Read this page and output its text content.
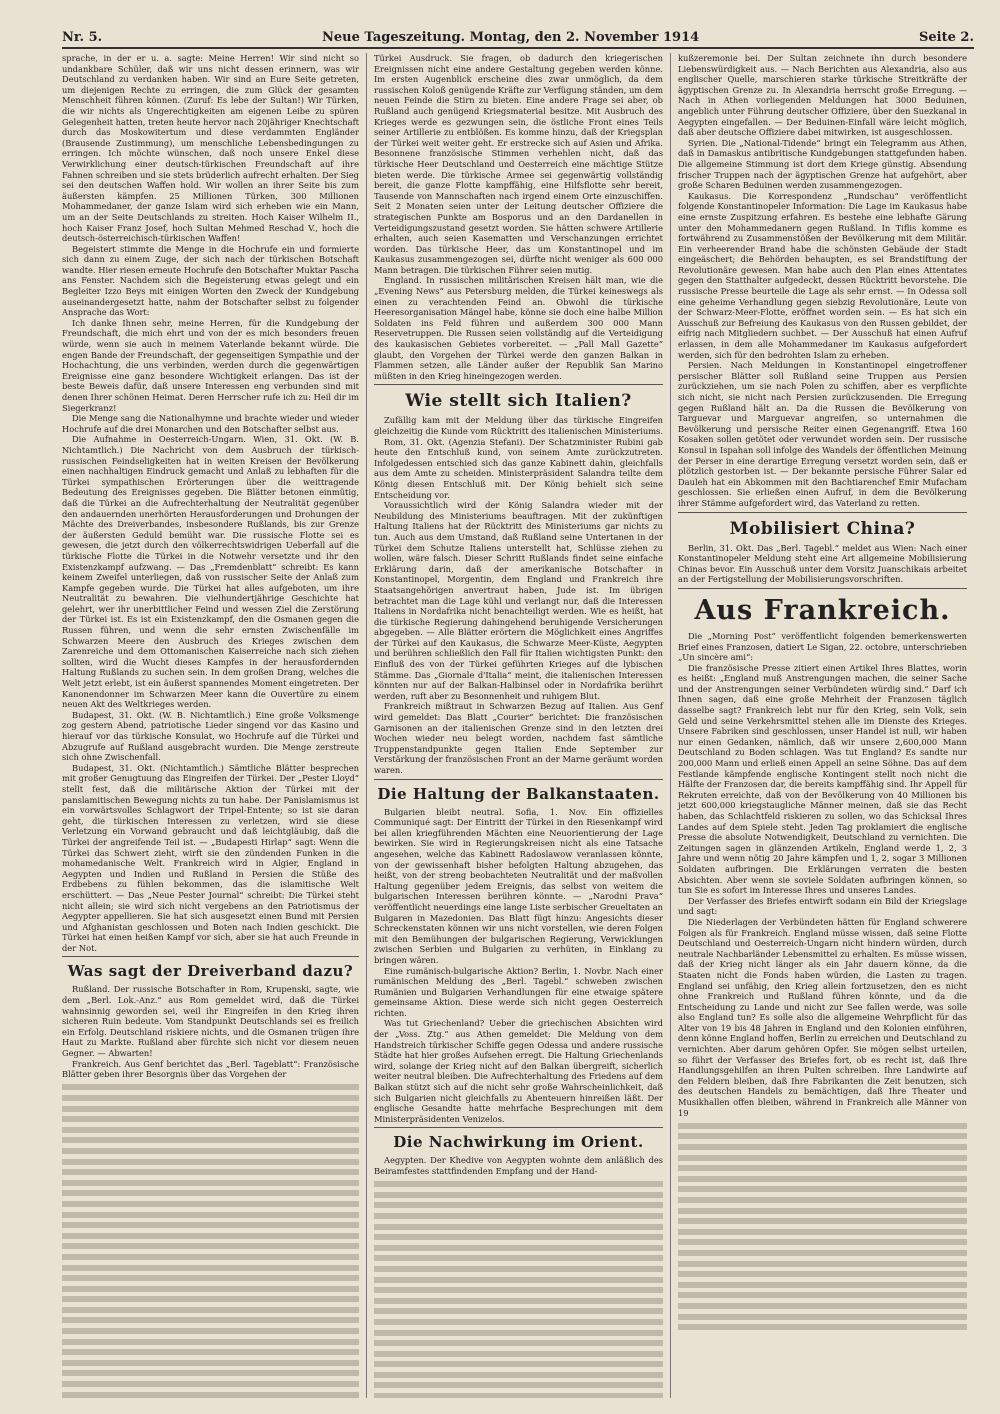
Nr. 5.	Neue Tageszeitung. Montag, den 2. November 1914	Seite 2.

sprache, in der er u. a. sagte: Meine Herren! Wir sind nicht so undankbare Schüler, daß wir uns nicht dessen erinnern, was wir Deutschland zu verdanken haben. Wir sind an Eure Seite getreten, um diejenigen Rechte zu erringen, die zum Glück der gesamten Menschheit führen können. (Zuruf: Es lebe der Sultan!) Wir Türken, die wir nichts als Ungerechtigkeiten am eigenen Leibe zu spüren Gelegenheit hatten, treten heute hervor nach 20jähriger Knechtschaft durch das Moskowitertum und diese verdammten Engländer (Brausende Zustimmung), um menschliche Lebensbedingungen zu erringen. Ich möchte wünschen, daß noch unsere Enkel diese Verwirklichung einer deutsch-türkischen Freundschaft auf ihre Fahnen schreiben und sie stets brüderlich aufrecht erhalten. Der Sieg sei den deutschen Waffen hold. Wir wollen an ihrer Seite bis zum äußersten kämpfen. 25 Millionen Türken, 300 Millionen Mohammedaner, der ganze Islam wird sich erheben wie ein Mann, um an der Seite Deutschlands zu streiten. Hoch Kaiser Wilhelm II., hoch Kaiser Franz Josef, hoch Sultan Mehmed Reschad V., hoch die deutsch-österreichisch-türkischen Waffen!

Begeistert stimmte die Menge in die Hochrufe ein und formierte sich dann zu einem Zuge, der sich nach der türkischen Botschaft wandte. Hier riesen erneute Hochrufe den Botschafter Muktar Pascha ans Fenster. Nachdem sich die Begeisterung etwas gelegt und ein Begleiter Izzo Beys mit einigen Worten den Zweck der Kundgebung auseinandergesetzt hatte, nahm der Botschafter selbst zu folgender Ansprache das Wort:

Ich danke Ihnen sehr, meine Herren, für die Kundgebung der Freundschaft, die mich ehrt und von der es mich besonders freuen würde, wenn sie auch in meinem Vaterlande bekannt würde. Die engen Bande der Freundschaft, der gegenseitigen Sympathie und der Hochachtung, die uns verbinden, werden durch die gegenwärtigen Ereignisse eine ganz besondere Wichtigkeit erlangen. Das ist der beste Beweis dafür, daß unsere Interessen eng verbunden sind mit denen Ihrer schönen Heimat. Deren Herrscher rufe ich zu: Heil dir im Siegerkranz!

Die Menge sang die Nationalhymne und brachte wieder und wieder Hochrufe auf die drei Monarchen und den Botschafter selbst aus.

Die Aufnahme in Oesterreich-Ungarn. Wien, 31. Okt. (W. B. Nichtamtlich.) Die Nachricht von dem Ausbruch der türkisch-russischen Feindseligkeiten hat in weiten Kreisen der Bevölkerung einen nachhaltigen Eindruck gemacht und Anlaß zu lebhaften für die Türkei sympathischen Erörterungen über die weittragende Bedeutung des Ereignisses gegeben. Die Blätter betonen einmütig, daß die Türkei an die Aufrechterhaltung der Neutralität gegenüber den andauernden unerhörten Herausforderungen und Drohungen der Mächte des Dreiverbandes, insbesondere Rußlands, bis zur Grenze der äußersten Geduld bemüht war. Die russische Flotte sei es gewesen, die jetzt durch den völkerrechtswidrigen Ueberfall auf die türkische Flotte die Türkei in die Notwehr versetzte und ihr den Existenzkampf aufzwang. — Das „Fremdenblatt“ schreibt: Es kann keinem Zweifel unterliegen, daß von russischer Seite der Anlaß zum Kampfe gegeben wurde. Die Türkei hat alles aufgeboten, um ihre Neutralität zu bewahren. Die vielhundertjährige Geschichte hat gelehrt, wer ihr unerbittlicher Feind und wessen Ziel die Zerstörung der Türkei ist. Es ist ein Existenzkampf, den die Osmanen gegen die Russen führen, und wenn die sehr ernsten Zwischenfälle im Schwarzen Meere den Ausbruch des Krieges zwischen dem Zarenreiche und dem Ottomanischen Kaiserreiche nach sich ziehen sollten, wird die Wucht dieses Kampfes in der herausfordernden Haltung Rußlands zu suchen sein. In dem großen Drang, welches die Welt jetzt erlebt, ist ein äußerst spannendes Moment eingetreten. Der Kanonendonner im Schwarzen Meer kann die Ouvertüre zu einem neuen Akt des Weltkrieges werden.

Budapest, 31. Okt. (W. B. Nichtamtlich.) Eine große Volksmenge zog gestern Abend, patriotische Lieder singend vor das Kasino und hierauf vor das türkische Konsulat, wo Hochrufe auf die Türkei und Abzugrufe auf Rußland ausgebracht wurden. Die Menge zerstreute sich ohne Zwischenfall.

Budapest, 31. Okt. (Nichtamtlich.) Sämtliche Blätter besprechen mit großer Genugtuung das Eingreifen der Türkei. Der „Pester Lloyd“ stellt fest, daß die militärische Aktion der Türkei mit der panslamitischen Bewegung nichts zu tun habe. Der Panislamismus ist ein vorwärtsvolles Schlagwort der Tripel-Entente; so ist sie daran geht, die türkischen Interessen zu verletzen, wird sie diese Verletzung ein Vorwand gebraucht und daß leichtgläubig, daß die Türkei der angreifende Teil ist. — „Budapesti Hirlap“ sagt: Wenn die Türkei das Schwert zieht, wirft sie den zündenden Funken in die mohamedanische Welt. Frankreich wird in Algier, England in Aegypten und Indien und Rußland in Persien die Stüße des Erdbebens zu fühlen bekommen, das die islamitische Welt erschüttert. — Das „Neue Pester Journal“ schreibt: Die Türkei steht nicht allein; sie wird sich nicht vergebens an den Patriotismus der Aegypter appellieren. Sie hat sich ausgesetzt einen Bund mit Persien und Afghanistan geschlossen und Boten nach Indien geschickt. Die Türkei hat einen heißen Kampf vor sich, aber sie hat auch Freunde in der Not.

Was sagt der Dreiverband dazu?

Rußland. Der russische Botschafter in Rom, Krupenski, sagte, wie dem „Berl. Lok.-Anz.“ aus Rom gemeldet wird, daß die Türkei wahnsinnig geworden sei, weil ihr Eingreifen in den Krieg ihren sicheren Ruin bedeute. Vom Standpunkt Deutschlands sei es freilich ein Erfolg. Deutschland riskiere nichts, und die Osmanen trügen ihre Haut zu Markte. Rußland aber fürchte sich nicht vor diesem neuen Gegner. — Abwarten!

Frankreich. Aus Genf berichtet das „Berl. Tageblatt“: Französische Blätter geben ihrer Besorgnis über das Vorgehen der

Türkei Ausdruck. Sie fragen, ob dadurch den kriegerischen Ereignissen nicht eine andere Gestaltung gegeben werden könne. Im ersten Augenblick erscheine dies zwar unmöglich, da dem russischen Koloß genügende Kräfte zur Verfügung ständen, um dem neuen Feinde die Stirn zu bieten. Eine andere Frage sei aber, ob Rußland auch genügend Kriegsmaterial besitze. Mit Ausbruch des Krieges werde es gezwungen sein, die östliche Front eines Teils seiner Artillerie zu entblößen. Es komme hinzu, daß der Kriegsplan der Türkei weit weiter geht. Er erstrecke sich auf Asien und Afrika. Besonnene französische Stimmen verhehlen nicht, daß das türkische Heer Deutschland und Oesterreich eine mächtige Stütze bieten werde. Die türkische Armee sei gegenwärtig vollständig bereit, die ganze Flotte kampffähig, eine Hilfsflotte sehr bereit, Tausende von Mannschaften nach irgend einem Orte einzuschiffen. Seit 2 Monaten seien unter der Leitung deutscher Offiziere die strategischen Punkte am Bosporus und an den Dardanellen in Verteidigungszustand gesetzt worden. Sie hätten schwere Artillerie erhalten, auch seien Kasematten und Verschanzungen errichtet worden. Das türkische Heer, das um Konstantinopel und im Kaukasus zusammengezogen sei, dürfte nicht weniger als 600 000 Mann betragen. Die türkischen Führer seien mutig.

England. In russischen militärischen Kreisen hält man, wie die „Evening News“ aus Petersburg melden, die Türkei keineswegs als einen zu verachtenden Feind an. Obwohl die türkische Heeresorganisation Mängel habe, könne sie doch eine halbe Million Soldaten ins Feld führen und außerdem 300 000 Mann Reservetruppen. Die Russen seien vollständig auf die Verteidigung des kaukasischen Gebietes vorbereitet. — „Pall Mall Gazette“ glaubt, den Vorgehen der Türkei werde den ganzen Balkan in Flammen setzen, alle Länder außer der Republik San Marino müßten in den Krieg hineingezogen werden.

Wie stellt sich Italien?

Zufällig kam mit der Meldung über das türkische Eingreifen gleichzeitig die Kunde vom Rücktritt des italienischen Ministeriums.

Rom, 31. Okt. (Agenzia Stefani). Der Schatzminister Rubini gab heute den Entschluß kund, von seinem Amte zurückzutreten. Infolgedessen entschied sich das ganze Kabinett dahin, gleichfalls aus dem Amte zu scheiden. Ministerpräsident Salandra teilte dem König diesen Entschluß mit. Der König behielt sich seine Entscheidung vor.

Voraussichtlich wird der König Salandra wieder mit der Neubildung des Ministeriums beauftragen. Mit der zukünftigen Haltung Italiens hat der Rücktritt des Ministeriums gar nichts zu tun. Auch aus dem Umstand, daß Rußland seine Untertanen in der Türkei dem Schutze Italiens unterstellt hat, Schlüsse ziehen zu wollen, wäre falsch. Dieser Schritt Rußlands findet seine einfache Erklärung darin, daß der amerikanische Botschafter in Konstantinopel, Morgentin, dem England und Frankreich ihre Staatsangehörigen anvertraut haben, Jude ist. Im übrigen betrachtet man die Lage kühl und verlangt nur, daß die Interessen Italiens in Nordafrika nicht benachteiligt werden. Wie es heißt, hat die türkische Regierung dahingehend beruhigende Versicherungen abgegeben. — Alle Blätter erörtern die Möglichkeit eines Angriffes der Türkei auf den Kaukasus, die Schwarze Meer-Küste, Aegypten und berühren schließlich den Fall für Italien wichtigsten Punkt: den Einfluß des von der Türkei geführten Krieges auf die lybischen Stämme. Das „Giornale d'Italia“ meint, die italienischen Interessen könnten nur auf der Balkan-Halbinsel oder in Nordafrika berührt werden, ruft aber zu Besonnenheit und ruhigem Blut.

Frankreich mißtraut in Schwarzen Bezug auf Italien. Aus Genf wird gemeldet: Das Blatt „Courier“ berichtet: Die französischen Garnisonen an der italienischen Grenze sind in den letzten drei Wochen wieder neu belegt worden, nachdem fast sämtliche Truppenstandpunkte gegen Italien Ende September zur Verstärkung der französischen Front an der Marne geräumt worden waren.

Die Haltung der Balkanstaaten.

Bulgarien bleibt neutral. Sofia, 1. Nov. Ein offizielles Communiqué sagt: Der Eintritt der Türkei in den Riesenkampf wird bei allen kriegführenden Mächten eine Neuorientierung der Lage bewirken. Sie wird in Regierungskreisen nicht als eine Tatsache angesehen, welche das Kabinett Radoslawow veranlassen könnte, von der gewissenhaft bisher befolgten Haltung abzugehen, das heißt, von der streng beobachteten Neutralität und der maßvollen Haltung gegenüber jedem Ereignis, das selbst von weitem die bulgarischen Interessen berühren könnte. — „Narodni Prava“ veröffentlicht neuerdings eine lange Liste serbischer Greueltaten an Bulgaren in Mazedonien. Das Blatt fügt hinzu: Angesichts dieser Schreckenstaten können wir uns nicht vorstellen, wie deren Folgen mit den Bemühungen der bulgarischen Regierung, Verwicklungen zwischen Serbien und Bulgarien zu verhüten, in Einklang zu bringen wären.

Eine rumänisch-bulgarische Aktion? Berlin, 1. Novbr. Nach einer rumänischen Meldung des „Berl. Tagebl.“ schweben zwischen Rumänien und Bulgarien Verhandlungen für eine etwaige spätere gemeinsame Aktion. Diese werde sich nicht gegen Oesterreich richten.

Was tut Griechenland? Ueber die griechischen Absichten wird der „Voss. Ztg.“ aus Athen gemeldet: Die Meldung von dem Handstreich türkischer Schiffe gegen Odessa und andere russische Städte hat hier großes Aufsehen erregt. Die Haltung Griechenlands wird, solange der Krieg nicht auf den Balkan übergreift, sicherlich weiter neutral bleiben. Die Aufrechterhaltung des Friedens auf dem Balkan stützt sich auf die nicht sehr große Wahrscheinlichkeit, daß sich Bulgarien nicht gleichfalls zu Abenteuern hinreißen läßt. Der englische Gesandte hatte mehrfache Besprechungen mit dem Ministerpräsidenten Venizelos.

Die Nachwirkung im Orient.

Aegypten. Der Khedive von Aegypten wohnte dem anläßlich des Beiramfestes stattfindenden Empfang und der Hand-

kußzeremonie bei. Der Sultan zeichnete ihn durch besondere Liebenswürdigkeit aus. — Nach Berichten aus Alexandria, also aus englischer Quelle, marschieren starke türkische Streitkräfte der ägyptischen Grenze zu. In Alexandria herrscht große Erregung. — Nach in Athen vorliegenden Meldungen hat 3000 Beduinen, angeblich unter Führung deutscher Offiziere, über den Suezkanal in Aegypten eingefallen. — Der Beduinen-Einfall wäre leicht möglich, daß aber deutsche Offiziere dabei mitwirken, ist ausgeschlossen.

Syrien. Die „National-Tidende“ bringt ein Telegramm aus Athen, daß in Damaskus antibritische Kundgebungen stattgefunden haben. Die allgemeine Stimmung ist dort dem Kriege günstig. Absendung frischer Truppen nach der ägyptischen Grenze hat aufgehört, aber große Scharen Beduinen werden zusammengezogen.

Kaukasus. Die Korrespondenz „Rundschau“ veröffentlicht folgende Konstantinopeler Information: Die Lage im Kaukasus habe eine ernste Zuspitzung erfahren. Es bestehe eine lebhafte Gärung unter den Mohammedanern gegen Rußland. In Tiflis komme es fortwährend zu Zusammenstößen der Bevölkerung mit dem Militär. Ein verheerender Brand habe die schönsten Gebäude der Stadt eingeäschert; die Behörden behaupten, es sei Brandstiftung der Revolutionäre gewesen. Man habe auch den Plan eines Attentates gegen den Statthalter aufgedeckt, dessen Rücktritt bevorstehe. Die russische Presse beurteile die Lage als sehr ernst. — In Odessa soll eine geheime Verhandlung gegen siebzig Revolutionäre, Leute von der Schwarz-Meer-Flotte, eröffnet worden sein. — Es hat sich ein Ausschuß zur Befreiung des Kaukasus von den Russen gebildet, der eifrig nach Mitgliedern suchbet. — Der Ausschuß hat einen Aufruf erlassen, in dem alle Mohammedaner im Kaukasus aufgefordert werden, sich für den bedrohten Islam zu erheben.

Persien. Nach Meldungen in Konstantinopel eingetroffener persischer Blätter soll Rußland seine Truppen aus Persien zurückziehen, um sie nach Polen zu schiffen, aber es verpflichte sich nicht, sie nicht nach Persien zurückzusenden. Die Erregung gegen Rußland hält an. Da die Russen die Bevölkerung von Targuevar und Marguevar angreifen, so unternahmen die Bevölkerung und persische Reiter einen Gegenangriff. Etwa 160 Kosaken sollen getötet oder verwundet worden sein. Der russische Konsul in Ispahan soll infolge des Wandels der öffentlichen Meinung der Perser in eine derartige Erregung versetzt worden sein, daß er plötzlich gestorben ist. — Der bekannte persische Führer Salar ed Dauleh hat ein Abkommen mit den Bachtiarenchef Emir Mufacham geschlossen. Sie erließen einen Aufruf, in dem die Bevölkerung ihrer Stämme aufgefordert wird, das Vaterland zu retten.

Mobilisiert China?

Berlin, 31. Okt. Das „Berl. Tagebl.“ meldet aus Wien: Nach einer Konstantinopeler Meldung steht eine Art allgemeine Mobilisierung Chinas bevor. Ein Ausschuß unter dem Vorsitz Juanschikais arbeitet an der Fertigstellung der Mobilisierungsvorschriften.

Aus Frankreich.

Die „Morning Post“ veröffentlicht folgenden bemerkenswerten Brief eines Franzosen, datiert Le Sigan, 22. octobre, unterschrieben „Un sincère ami“:

Die französische Presse zitiert einen Artikel Ihres Blattes, worin es heißt: „England muß Anstrengungen machen, die seiner Sache und der Anstrengungen seiner Verbündeten würdig sind.“ Darf ich Ihnen sagen, daß eine große Mehrheit der Franzosen täglich dasselbe sagt? Frankreich lebt nur für den Krieg, sein Volk, sein Geld und seine Verkehrsmittel stehen alle im Dienste des Krieges. Unsere Fabriken sind geschlossen, unser Handel ist null, wir haben nur einen Gedanken, nämlich, daß wir unsere 2,600,000 Mann Deutschland zu Boden schlagen. Was tut England? Es sandte nur 200,000 Mann und erließ einen Appell an seine Söhne. Das auf dem Festlande kämpfende englische Kontingent stellt noch nicht die Hälfte der Franzosen dar, die bereits kampffähig sind. Ihr Appell für Rekruten erreichte, daß von der Bevölkerung von 40 Millionen bis jetzt 600,000 kriegstaugliche Männer meinen, daß sie das Recht haben, das Schlachtfeld riskieren zu sollen, wo das Schicksal Ihres Landes auf dem Spiele steht. Jeden Tag proklamiert die englische Presse die absolute Notwendigkeit, Deutschland zu vernichten. Die Zeitungen sagen in glänzenden Artikeln, England werde 1, 2, 3 Jahre und wenn nötig 20 Jahre kämpfen und 1, 2, sogar 3 Millionen Soldaten aufbringen. Die Erklärungen verraten die besten Absichten. Aber wenn sie soviele Soldaten aufbringen können, so tun Sie es sofort im Interesse Ihres und unseres Landes.

Der Verfasser des Briefes entwirft sodann ein Bild der Kriegslage und sagt:

Die Niederlagen der Verbündeten hätten für England schwerere Folgen als für Frankreich. England müsse wissen, daß seine Flotte Deutschland und Oesterreich-Ungarn nicht hindern würden, durch neutrale Nachbarländer Lebensmittel zu erhalten. Es müsse wissen, daß der Krieg nicht länger als ein Jahr dauern könne, da die Staaten nicht die Fonds haben würden, die Lasten zu tragen. England sei unfähig, den Krieg allein fortzusetzen, den es nicht ohne Frankreich und Rußland führen könnte, und da die Entscheidung zu Lande und nicht zur See fallen werde, was solle also England tun? Es solle also die allgemeine Wehrpflicht für das Alter von 19 bis 48 Jahren in England und den Kolonien einführen, denn könne England hoffen, Berlin zu erreichen und Deutschland zu vernichten. Aber darum gehören Opfer. Sie mögen selbst urteilen, so führt der Verfasser des Briefes fort, ob es recht ist, daß Ihre Handlungsgehilfen an ihren Pulten schreiben. Ihre Landwirte auf den Feldern bleiben, daß Ihre Fabrikanten die Zeit benutzen, sich des deutschen Handels zu bemächtigen, daß Ihre Theater und Musikhallen offen bleiben, während in Frankreich alle Männer von 19
